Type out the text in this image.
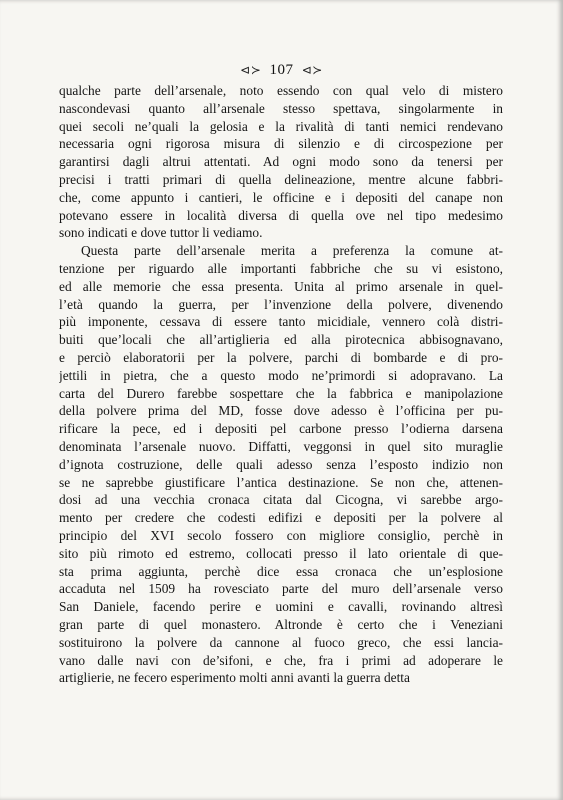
⊲≻ 107 ⊲≻
qualche parte dell’arsenale, noto essendo con qual velo di mistero
nascondevasi quanto all’arsenale stesso spettava, singolarmente in
quei secoli ne’quali la gelosia e la rivalità di tanti nemici rendevano
necessaria ogni rigorosa misura di silenzio e di circospezione per
garantirsi dagli altrui attentati. Ad ogni modo sono da tenersi per
precisi i tratti primari di quella delineazione, mentre alcune fabbri-
che, come appunto i cantieri, le officine e i depositi del canape non
potevano essere in località diversa di quella ove nel tipo medesimo
sono indicati e dove tuttor li vediamo.
Questa parte dell’arsenale merita a preferenza la comune at-
tenzione per riguardo alle importanti fabbriche che su vi esistono,
ed alle memorie che essa presenta. Unita al primo arsenale in quel-
l’età quando la guerra, per l’invenzione della polvere, divenendo
più imponente, cessava di essere tanto micidiale, vennero colà distri-
buiti que’locali che all’artiglieria ed alla pirotecnica abbisognavano,
e perciò elaboratorii per la polvere, parchi di bombarde e di pro-
jettili in pietra, che a questo modo ne’primordi si adopravano. La
carta del Durero farebbe sospettare che la fabbrica e manipolazione
della polvere prima del MD, fosse dove adesso è l’officina per pu-
rificare la pece, ed i depositi pel carbone presso l’odierna darsena
denominata l’arsenale nuovo. Diffatti, veggonsi in quel sito muraglie
d’ignota costruzione, delle quali adesso senza l’esposto indizio non
se ne saprebbe giustificare l’antica destinazione. Se non che, attenen-
dosi ad una vecchia cronaca citata dal Cicogna, vi sarebbe argo-
mento per credere che codesti edifizi e depositi per la polvere al
principio del XVI secolo fossero con migliore consiglio, perchè in
sito più rimoto ed estremo, collocati presso il lato orientale di que-
sta prima aggiunta, perchè dice essa cronaca che un’esplosione
accaduta nel 1509 ha rovesciato parte del muro dell’arsenale verso
San Daniele, facendo perire e uomini e cavalli, rovinando altresì
gran parte di quel monastero. Altronde è certo che i Veneziani
sostituirono la polvere da cannone al fuoco greco, che essi lancia-
vano dalle navi con de’sifoni, e che, fra i primi ad adoperare le
artiglierie, ne fecero esperimento molti anni avanti la guerra detta
